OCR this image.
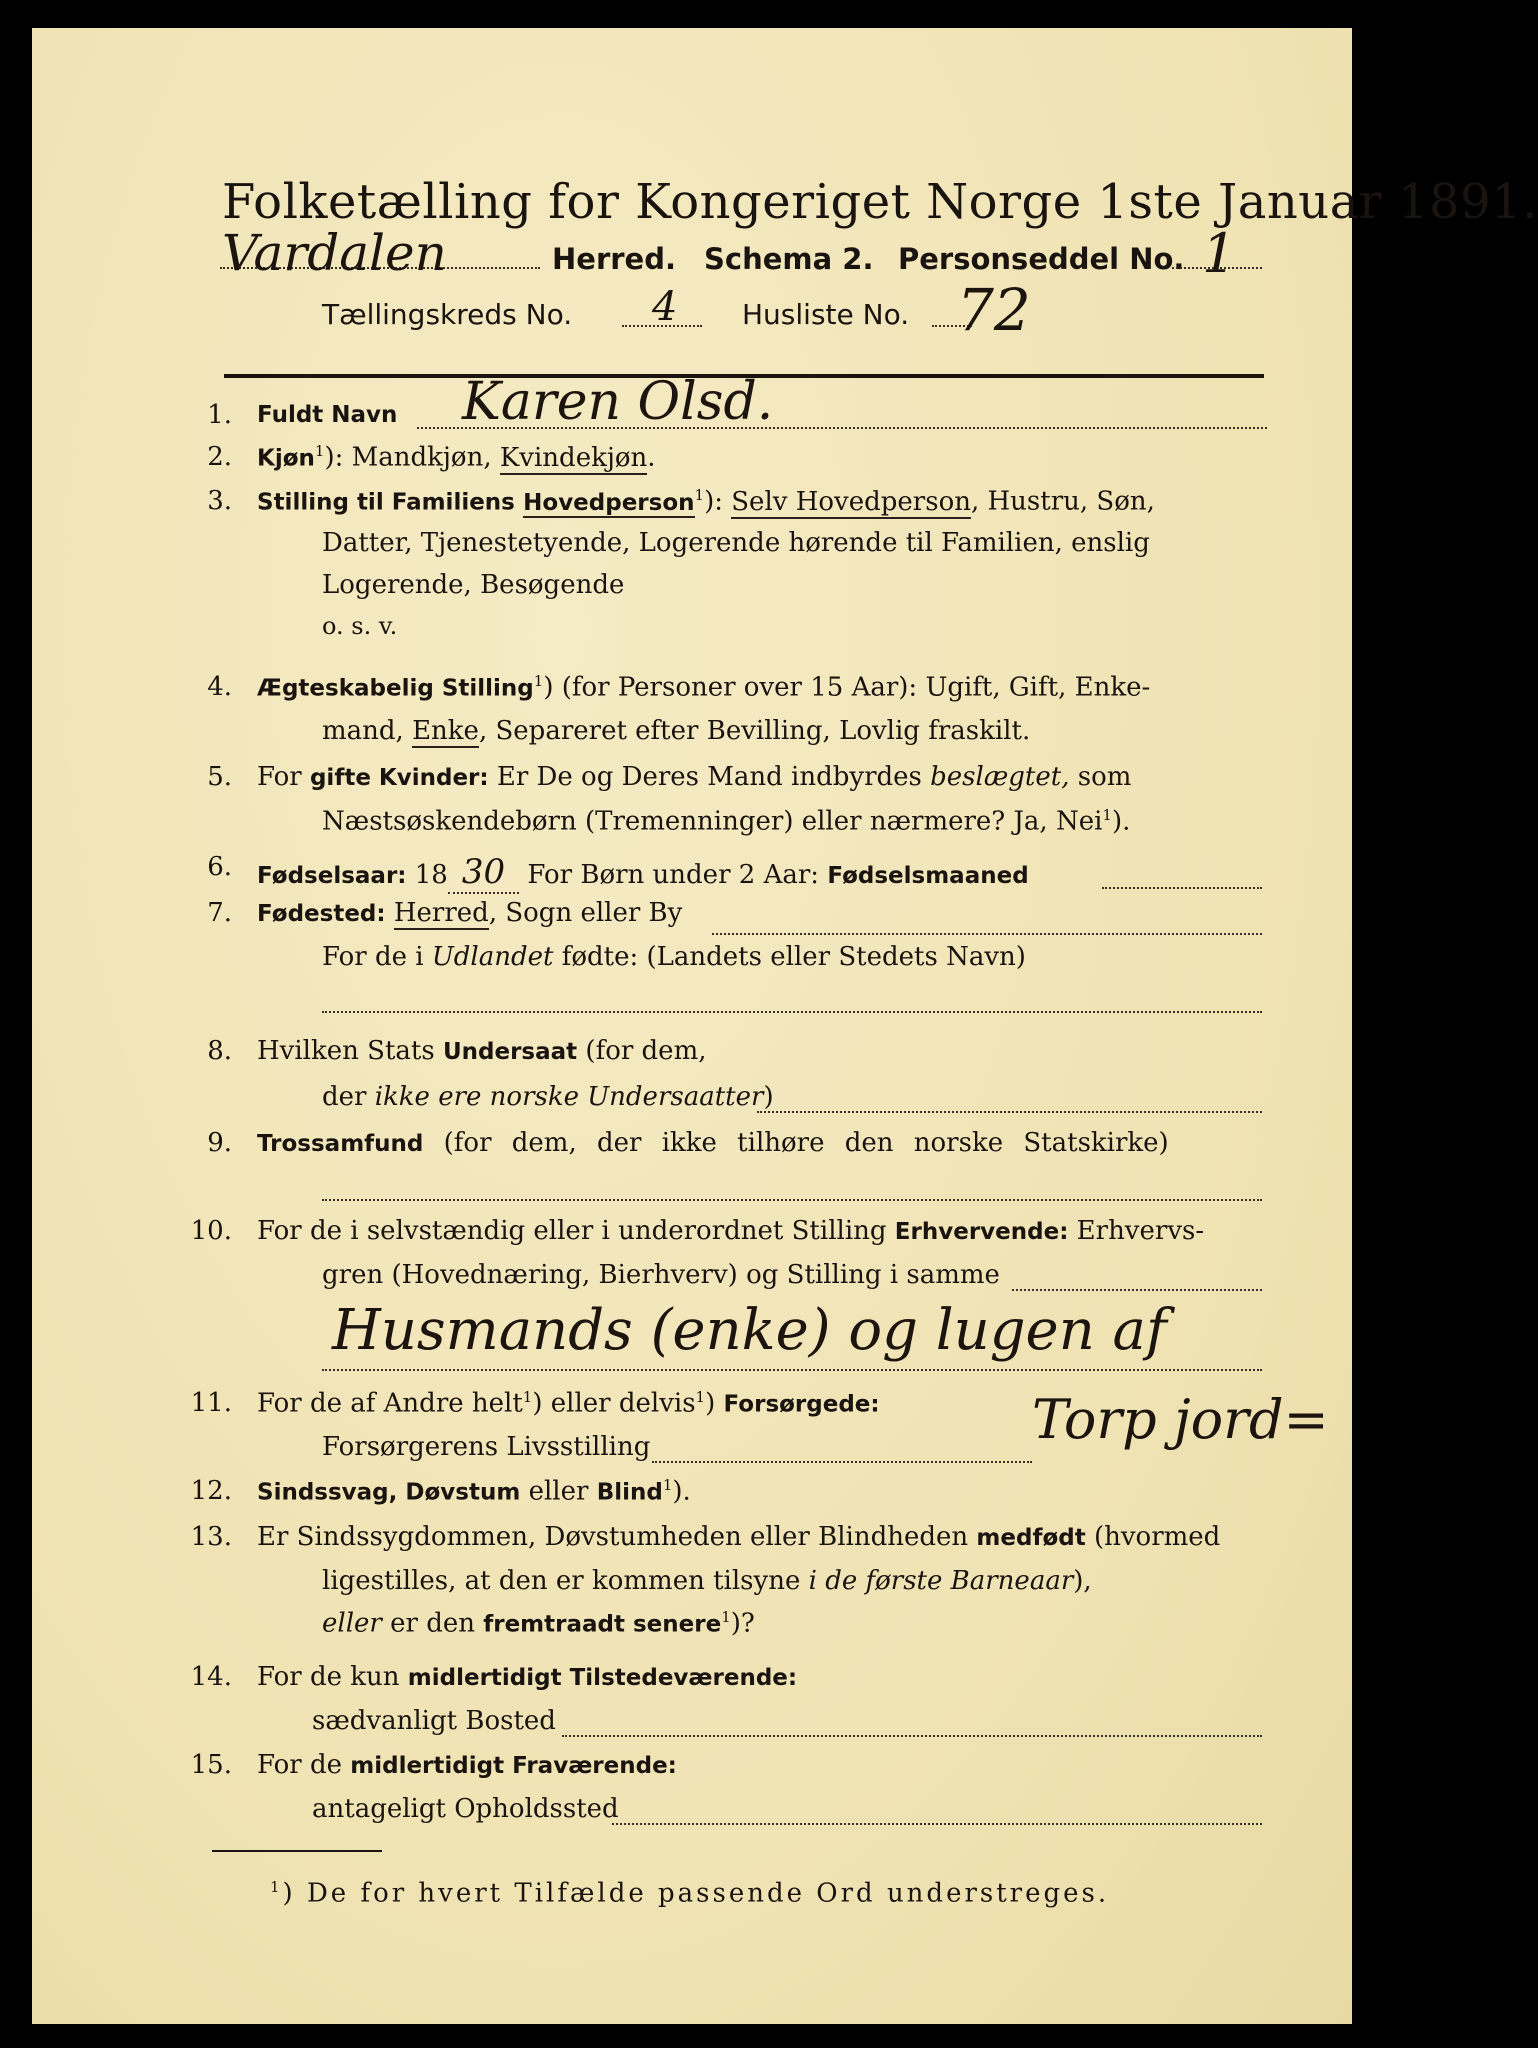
Folketælling for Kongeriget Norge 1ste Januar 1891.
Vardalen	Herred. Schema 2. Personseddel No. 1
Tællingskreds No. 4 Husliste No. 72
1. Fuldt Navn Karen Olsd.
Kjøn$^1$): Mandkjøn, Kvindekjøn.
2.
3. Stilling til Familiens Hovedperson$^1$): Selv Hovedperson, Hustru, Søn,
Datter, Tjenestetyende, Logerende hørende til Familien, enslig
Logerende, Besøgende
o. s. v.
4. Ægteskabelig Stilling$^1$) (for Personer over 15 Aar): Ugift, Gift, Enke-
mand, Enke, Separeret efter Bevilling, Lovlig fraskilt.
5. For gifte Kvinder: Er De og Deres Mand indbyrdes beslægtet, som
Næstsøskendebørn (Tremenninger) eller nærmere? Ja, Nei$^1$).
6. Fødselsaar: 18 30 For Børn under 2 Aar: Fødselsmaaned
7. Fødested: Herred, Sogn eller By
For de i Udlandet fødte: (Landets eller Stedets Navn)
8. Hvilken Stats Undersaat (for dem,
der ikke ere norske Undersaatter)
9. Trossamfund (for dem, der ikke tilhøre den norske Statskirke)
10. For de i selvstændig eller i underordnet Stilling Erhvervende: Erhvervs-
gren (Hovednæring, Bierhverv) og Stilling i samme
Husmands (enke) og lugen af
11. For de af Andre helt$^1$) eller delvis$^1$) Forsørgede:
Forsørgerens Livsstilling	Torp jord=
12. Sindssvag, Døvstum eller Blind$^1$).
13. Er Sindssygdommen, Døvstumheden eller Blindheden medfødt (hvormed
ligestilles, at den er kommen tilsyne i de første Barneaar),
eller er den fremtraadt senere$^1$)?
14. For de kun midlertidigt Tilstedeværende:
sædvanligt Bosted
15. For de midlertidigt Fraværende:
antageligt Opholdssted
$^1$) De for hvert Tilfælde passende Ord understreges.
